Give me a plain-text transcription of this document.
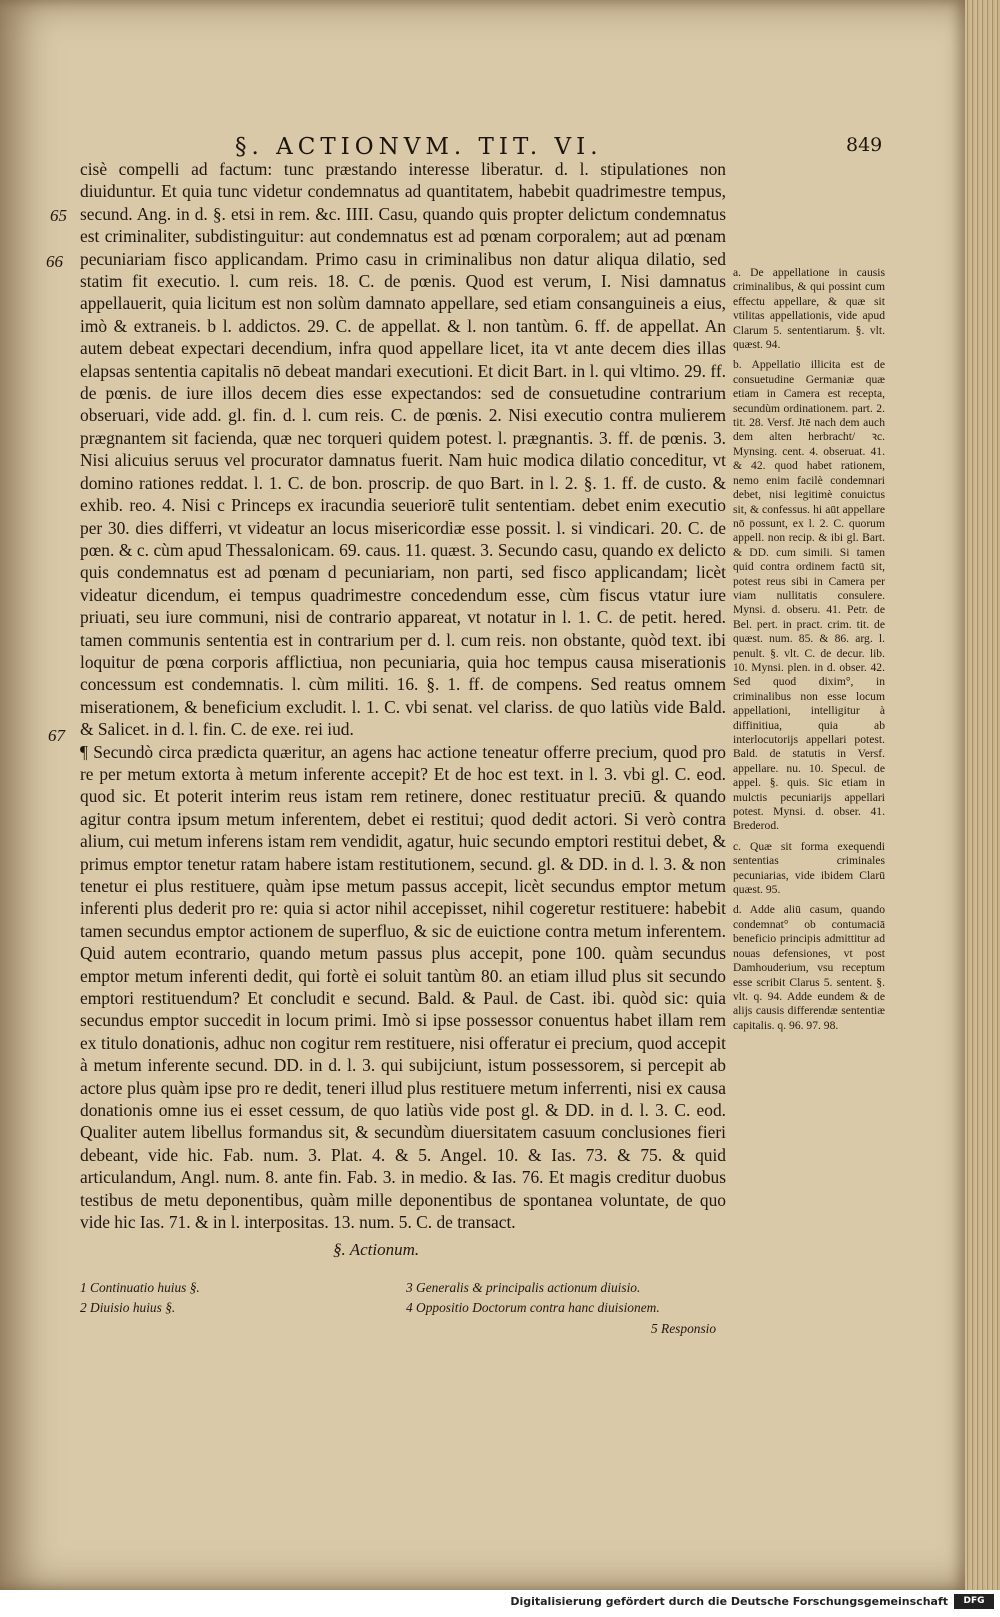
§. ACTIONVM. TIT. VI.	849
65
66
67

cisè compelli ad factum: tunc præstando interesse liberatur. d. l. stipulationes non diuiduntur. Et quia tunc videtur condemnatus ad quantitatem, habebit quadrimestre tempus, secund. Ang. in d. §. etsi in rem. &c. IIII. Casu, quando quis propter delictum condemnatus est criminaliter, subdistinguitur: aut condemnatus est ad pœnam corporalem; aut ad pœnam pecuniariam fisco applicandam. Primo casu in criminalibus non datur aliqua dilatio, sed statim fit executio. l. cum reis. 18. C. de pœnis. Quod est verum, I. Nisi damnatus appellauerit, quia licitum est non solùm damnato appellare, sed etiam consanguineis a eius, imò & extraneis. b l. addictos. 29. C. de appellat. & l. non tantùm. 6. ff. de appellat. An autem debeat expectari decendium, infra quod appellare licet, ita vt ante decem dies illas elapsas sententia capitalis nō debeat mandari executioni. Et dicit Bart. in l. qui vltimo. 29. ff. de pœnis. de iure illos decem dies esse expectandos: sed de consuetudine contrarium obseruari, vide add. gl. fin. d. l. cum reis. C. de pœnis. 2. Nisi executio contra mulierem prægnantem sit facienda, quæ nec torqueri quidem potest. l. prægnantis. 3. ff. de pœnis. 3. Nisi alicuius seruus vel procurator damnatus fuerit. Nam huic modica dilatio conceditur, vt domino rationes reddat. l. 1. C. de bon. proscrip. de quo Bart. in l. 2. §. 1. ff. de custo. & exhib. reo. 4. Nisi c Princeps ex iracundia seueriorē tulit sententiam. debet enim executio per 30. dies differri, vt videatur an locus misericordiæ esse possit. l. si vindicari. 20. C. de pœn. & c. cùm apud Thessalonicam. 69. caus. 11. quæst. 3. Secundo casu, quando ex delicto quis condemnatus est ad pœnam d pecuniariam, non parti, sed fisco applicandam; licèt videatur dicendum, ei tempus quadrimestre concedendum esse, cùm fiscus vtatur iure priuati, seu iure communi, nisi de contrario appareat, vt notatur in l. 1. C. de petit. hered. tamen communis sententia est in contrarium per d. l. cum reis. non obstante, quòd text. ibi loquitur de pœna corporis afflictiua, non pecuniaria, quia hoc tempus causa miserationis concessum est condemnatis. l. cùm militi. 16. §. 1. ff. de compens. Sed reatus omnem miserationem, & beneficium excludit. l. 1. C. vbi senat. vel clariss. de quo latiùs vide Bald. & Salicet. in d. l. fin. C. de exe. rei iud.

¶ Secundò circa prædicta quæritur, an agens hac actione teneatur offerre precium, quod pro re per metum extorta à metum inferente accepit? Et de hoc est text. in l. 3. vbi gl. C. eod. quod sic. Et poterit interim reus istam rem retinere, donec restituatur preciū. & quando agitur contra ipsum metum inferentem, debet ei restitui; quod dedit actori. Si verò contra alium, cui metum inferens istam rem vendidit, agatur, huic secundo emptori restitui debet, & primus emptor tenetur ratam habere istam restitutionem, secund. gl. & DD. in d. l. 3. & non tenetur ei plus restituere, quàm ipse metum passus accepit, licèt secundus emptor metum inferenti plus dederit pro re: quia si actor nihil accepisset, nihil cogeretur restituere: habebit tamen secundus emptor actionem de superfluo, & sic de euictione contra metum inferentem. Quid autem econtrario, quando metum passus plus accepit, pone 100. quàm secundus emptor metum inferenti dedit, qui fortè ei soluit tantùm 80. an etiam illud plus sit secundo emptori restituendum? Et concludit e secund. Bald. & Paul. de Cast. ibi. quòd sic: quia secundus emptor succedit in locum primi. Imò si ipse possessor conuentus habet illam rem ex titulo donationis, adhuc non cogitur rem restituere, nisi offeratur ei precium, quod accepit à metum inferente secund. DD. in d. l. 3. qui subijciunt, istum possessorem, si percepit ab actore plus quàm ipse pro re dedit, teneri illud plus restituere metum inferrenti, nisi ex causa donationis omne ius ei esset cessum, de quo latiùs vide post gl. & DD. in d. l. 3. C. eod. Qualiter autem libellus formandus sit, & secundùm diuersitatem casuum conclusiones fieri debeant, vide hic. Fab. num. 3. Plat. 4. & 5. Angel. 10. & Ias. 73. & 75. & quid articulandum, Angl. num. 8. ante fin. Fab. 3. in medio. & Ias. 76. Et magis creditur duobus testibus de metu deponentibus, quàm mille deponentibus de spontanea voluntate, de quo vide hic Ias. 71. & in l. interpositas. 13. num. 5. C. de transact.

a. De appellatione in causis criminalibus, & qui possint cum effectu appellare, & quæ sit vtilitas appellationis, vide apud Clarum 5. sententiarum. §. vlt. quæst. 94.

b. Appellatio illicita est de consuetudine Germaniæ quæ etiam in Camera est recepta, secundùm ordinationem. part. 2. tit. 28. Versf. Jtē nach dem auch dem alten herbracht/ ꝛc. Mynsing. cent. 4. obseruat. 41. & 42. quod habet rationem, nemo enim facilè condemnari debet, nisi legitimè conuictus sit, & confessus. hi aūt appellare nō possunt, ex l. 2. C. quorum appell. non recip. & ibi gl. Bart. & DD. cum simili. Si tamen quid contra ordinem factū sit, potest reus sibi in Camera per viam nullitatis consulere. Mynsi. d. obseru. 41. Petr. de Bel. pert. in pract. crim. tit. de quæst. num. 85. & 86. arg. l. penult. §. vlt. C. de decur. lib. 10. Mynsi. plen. in d. obser. 42. Sed quod dixim°, in criminalibus non esse locum appellationi, intelligitur à diffinitiua, quia ab interlocutorijs appellari potest. Bald. de statutis in Versf. appellare. nu. 10. Specul. de appel. §. quis. Sic etiam in mulctis pecuniarijs appellari potest. Mynsi. d. obser. 41. Brederod.

c. Quæ sit forma exequendi sententias criminales pecuniarias, vide ibidem Clarū quæst. 95.

d. Adde aliū casum, quando condemnat° ob contumaciā beneficio principis admittitur ad nouas defensiones, vt post Damhouderium, vsu receptum esse scribit Clarus 5. sentent. §. vlt. q. 94. Adde eundem & de alijs causis differendæ sententiæ capitalis. q. 96. 97. 98.

§. Actionum.
1 Continuatio huius §.
2 Diuisio huius §.
3 Generalis & principalis actionum diuisio.
4 Oppositio Doctorum contra hanc diuisionem.
5 Responsio
Digitalisierung gefördert durch die Deutsche Forschungsgemeinschaft	DFG
